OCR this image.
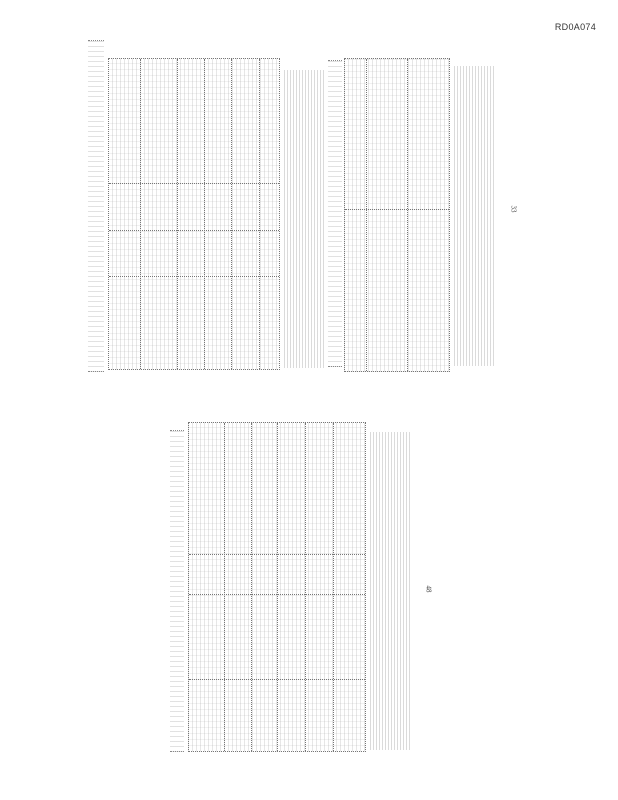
RD0A074
33
48
